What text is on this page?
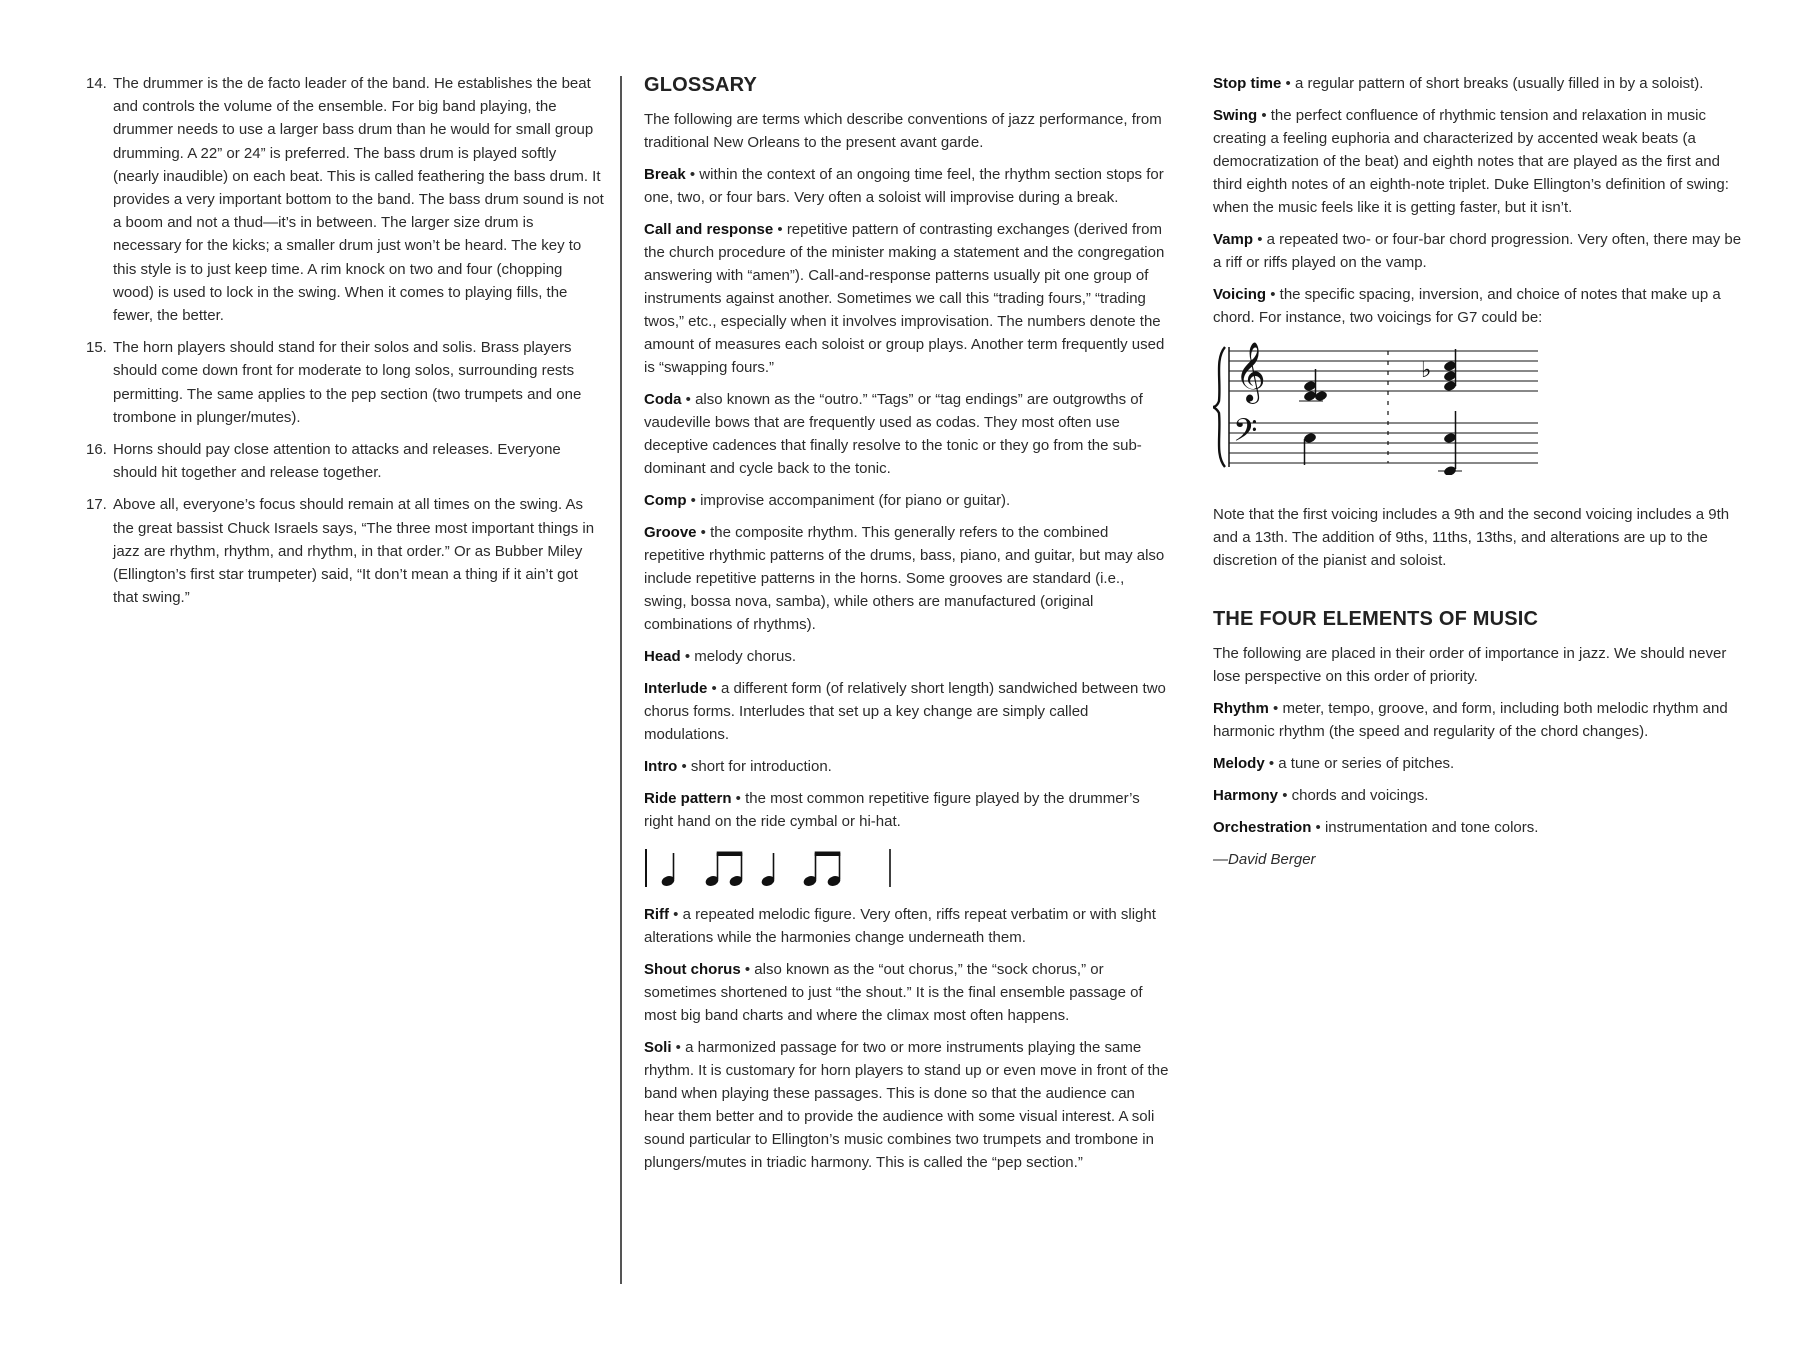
14. The drummer is the de facto leader of the band. He establishes the beat and controls the volume of the ensemble. For big band playing, the drummer needs to use a larger bass drum than he would for small group drumming. A 22” or 24” is preferred. The bass drum is played softly (nearly inaudible) on each beat. This is called feathering the bass drum. It provides a very important bottom to the band. The bass drum sound is not a boom and not a thud—it’s in between. The larger size drum is necessary for the kicks; a smaller drum just won’t be heard. The key to this style is to just keep time. A rim knock on two and four (chopping wood) is used to lock in the swing. When it comes to playing fills, the fewer, the better.
15. The horn players should stand for their solos and solis. Brass players should come down front for moderate to long solos, surrounding rests permitting. The same applies to the pep section (two trumpets and one trombone in plunger/mutes).
16. Horns should pay close attention to attacks and releases. Everyone should hit together and release together.
17. Above all, everyone’s focus should remain at all times on the swing. As the great bassist Chuck Israels says, “The three most important things in jazz are rhythm, rhythm, and rhythm, in that order.” Or as Bubber Miley (Ellington’s first star trumpeter) said, “It don’t mean a thing if it ain’t got that swing.”
GLOSSARY

The following are terms which describe conventions of jazz performance, from traditional New Orleans to the present avant garde.

Break • within the context of an ongoing time feel, the rhythm section stops for one, two, or four bars. Very often a soloist will improvise during a break.

Call and response • repetitive pattern of contrasting exchanges (derived from the church procedure of the minister making a statement and the congregation answering with “amen”). Call-and-response patterns usually pit one group of instruments against another. Sometimes we call this “trading fours,” “trading twos,” etc., especially when it involves improvisation. The numbers denote the amount of measures each soloist or group plays. Another term frequently used is “swapping fours.”

Coda • also known as the “outro.” “Tags” or “tag endings” are outgrowths of vaudeville bows that are frequently used as codas. They most often use deceptive cadences that finally resolve to the tonic or they go from the sub-dominant and cycle back to the tonic.

Comp • improvise accompaniment (for piano or guitar).

Groove • the composite rhythm. This generally refers to the combined repetitive rhythmic patterns of the drums, bass, piano, and guitar, but may also include repetitive patterns in the horns. Some grooves are standard (i.e., swing, bossa nova, samba), while others are manufactured (original combinations of rhythms).

Head • melody chorus.

Interlude • a different form (of relatively short length) sandwiched between two chorus forms. Interludes that set up a key change are simply called modulations.

Intro • short for introduction.

Ride pattern • the most common repetitive figure played by the drummer’s right hand on the ride cymbal or hi-hat.

Riff • a repeated melodic figure. Very often, riffs repeat verbatim or with slight alterations while the harmonies change underneath them.

Shout chorus • also known as the “out chorus,” the “sock chorus,” or sometimes shortened to just “the shout.” It is the final ensemble passage of most big band charts and where the climax most often happens.

Soli • a harmonized passage for two or more instruments playing the same rhythm. It is customary for horn players to stand up or even move in front of the band when playing these passages. This is done so that the audience can hear them better and to provide the audience with some visual interest. A soli sound particular to Ellington’s music combines two trumpets and trombone in plungers/mutes in triadic harmony. This is called the “pep section.”

Stop time • a regular pattern of short breaks (usually filled in by a soloist).

Swing • the perfect confluence of rhythmic tension and relaxation in music creating a feeling euphoria and characterized by accented weak beats (a democratization of the beat) and eighth notes that are played as the first and third eighth notes of an eighth-note triplet. Duke Ellington’s definition of swing: when the music feels like it is getting faster, but it isn’t.

Vamp • a repeated two- or four-bar chord progression. Very often, there may be a riff or riffs played on the vamp.

Voicing • the specific spacing, inversion, and choice of notes that make up a chord. For instance, two voicings for G7 could be:

𝄞
𝄢
♭

Note that the first voicing includes a 9th and the second voicing includes a 9th and a 13th. The addition of 9ths, 11ths, 13ths, and alterations are up to the discretion of the pianist and soloist.

THE FOUR ELEMENTS OF MUSIC

The following are placed in their order of importance in jazz. We should never lose perspective on this order of priority.

Rhythm • meter, tempo, groove, and form, including both melodic rhythm and harmonic rhythm (the speed and regularity of the chord changes).

Melody • a tune or series of pitches.

Harmony • chords and voicings.

Orchestration • instrumentation and tone colors.

—David Berger
